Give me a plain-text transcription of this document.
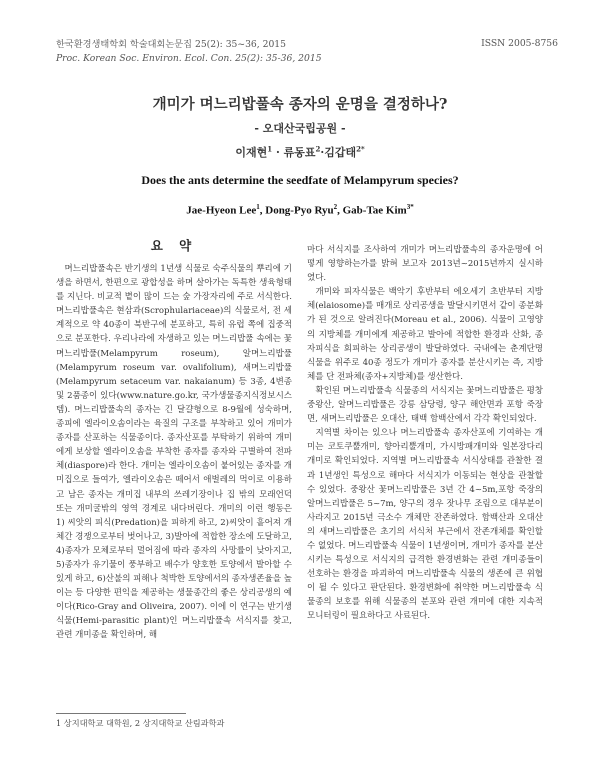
한국환경생태학회 학술대회논문집 25(2): 35~36, 2015
Proc. Korean Soc. Environ. Ecol. Con. 25(2): 35-36, 2015
ISSN 2005-8756
개미가 며느리밥풀속 종자의 운명을 결정하나?
- 오대산국립공원 -
이재현$^1$ · 류동표$^2$·김갑태$^{2*}$
Does the ants determine the seedfate of Melampyrum species?
Jae-Hyeon Lee$^1$, Dong-Pyo Ryu$^2$, Gab-Tae Kim$^{3*}$
요 약

며느리밥풀속은 반기생의 1년생 식물로 숙주식물의 뿌리에 기생을 하면서, 한편으로 광합성을 하며 살아가는 독특한 생육형태를 지닌다. 비교적 볕이 많이 드는 숲 가장자리에 주로 서식한다. 며느리밥풀속은 현삼과(Scrophulariaceae)의 식물로서, 전 세계적으로 약 40종이 북반구에 분포하고, 특히 유럽 쪽에 집중적으로 분포한다. 우리나라에 자생하고 있는 며느리밥풀 속에는 꽃며느리밥풀(Melampyrum roseum), 알며느리밥풀(Melampyrum roseum var. ovalifolium), 새며느리밥풀(Melampyrum setaceum var. nakaianum) 등 3종, 4변종 및 2품종이 있다(www.nature.go.kr, 국가생물종지식정보시스템). 며느리밥풀속의 종자는 긴 달걀형으로 8-9월에 성숙하며, 종피에 엘라이오솜이라는 육질의 구조를 부착하고 있어 개미가 종자를 산포하는 식물종이다. 종자산포를 부탁하기 위하여 개미에게 보상할 엘라이오솜을 부착한 종자를 종자와 구별하여 전파체(diaspore)라 한다. 개미는 엘라이오솜이 붙어있는 종자를 개미집으로 들여가, 엘라이오솜은 떼어서 애벌레의 먹이로 이용하고 남은 종자는 개미집 내부의 쓰레기장이나 집 밖의 모래언덕 또는 개미굴밖의 영역 경계로 내다버린다. 개미의 이런 행동은 1) 씨앗의 피식(Predation)을 피하게 하고, 2)씨앗이 흩어져 개체간 경쟁으로부터 벗어나고, 3)발아에 적합한 장소에 도달하고, 4)종자가 모체로부터 멀어짐에 따라 종자의 사망률이 낮아지고, 5)종자가 유기물이 풍부하고 배수가 양호한 토양에서 발아할 수 있게 하고, 6)산불의 피해나 척박한 토양에서의 종자생존율을 높이는 등 다양한 편익을 제공하는 생물종간의 좋은 상리공생의 예이다(Rico-Gray and Oliveira, 2007). 이에 이 연구는 반기생식물(Hemi-parasitic plant)인 며느리밥풀속 서식지를 찾고, 관련 개미종을 확인하며, 해

마다 서식지를 조사하여 개미가 며느리밥풀속의 종자운명에 어떻게 영향하는가를 밝혀 보고자 2013년~2015년까지 실시하였다.

개미와 피자식물은 백악기 후반부터 에오세기 초반부터 지방체(elaiosome)를 매개로 상리공생을 발달시키면서 같이 종분화가 된 것으로 알려진다(Moreau et al., 2006). 식물이 고영양의 지방체를 개미에게 제공하고 발아에 적합한 환경과 산화, 종자피식을 회피하는 상리공생이 발달하였다. 국내에는 춘계단명식물을 위주로 40종 정도가 개미가 종자를 분산시키는 즉, 지방체를 단 전파체(종자+지방체)를 생산한다.

확인된 며느리밥풀속 식물종의 서식지는 꽃며느리밥풀은 평창 중왕산, 알며느리밥풀은 강릉 삼당령, 양구 해안면과 포항 죽장면, 새며느리밥풀은 오대산, 태백 함백산에서 각각 확인되었다.

지역별 차이는 있으나 며느리밥풀속 종자산포에 기여하는 개미는 코토쿠뿔개미, 향아리뿔개미, 가시방패개미와 일본장다리개미로 확인되었다. 지역별 며느리밥풀속 서식상태를 관찰한 결과 1년생인 특성으로 해마다 서식지가 이동되는 현상을 관찰할 수 있었다. 중왕산 꽃며느리밥풀은 3년 간 4~5m,포항 죽장의 알며느리밥풀은 5~7m, 양구의 경우 잣나무 조림으로 대부분이 사라지고 2015년 극소수 개체만 잔존하였다. 함백산과 오대산의 새며느리밥풀은 초기의 서식처 부근에서 잔존개체를 확인할 수 없었다. 며느리밥풀속 식물이 1년생이며, 개미가 종자를 분산시키는 특성으로 서식지의 급격한 환경변화는 관련 개미종들이 선호하는 환경을 파괴하여 며느리밥풀속 식물의 생존에 큰 위협이 될 수 있다고 판단된다. 환경변화에 취약한 며느리밥풀속 식물종의 보호를 위해 식물종의 분포와 관련 개미에 대한 지속적 모니터링이 필요하다고 사료된다.

1 상지대학교 대학원, 2 상지대학교 산림과학과
